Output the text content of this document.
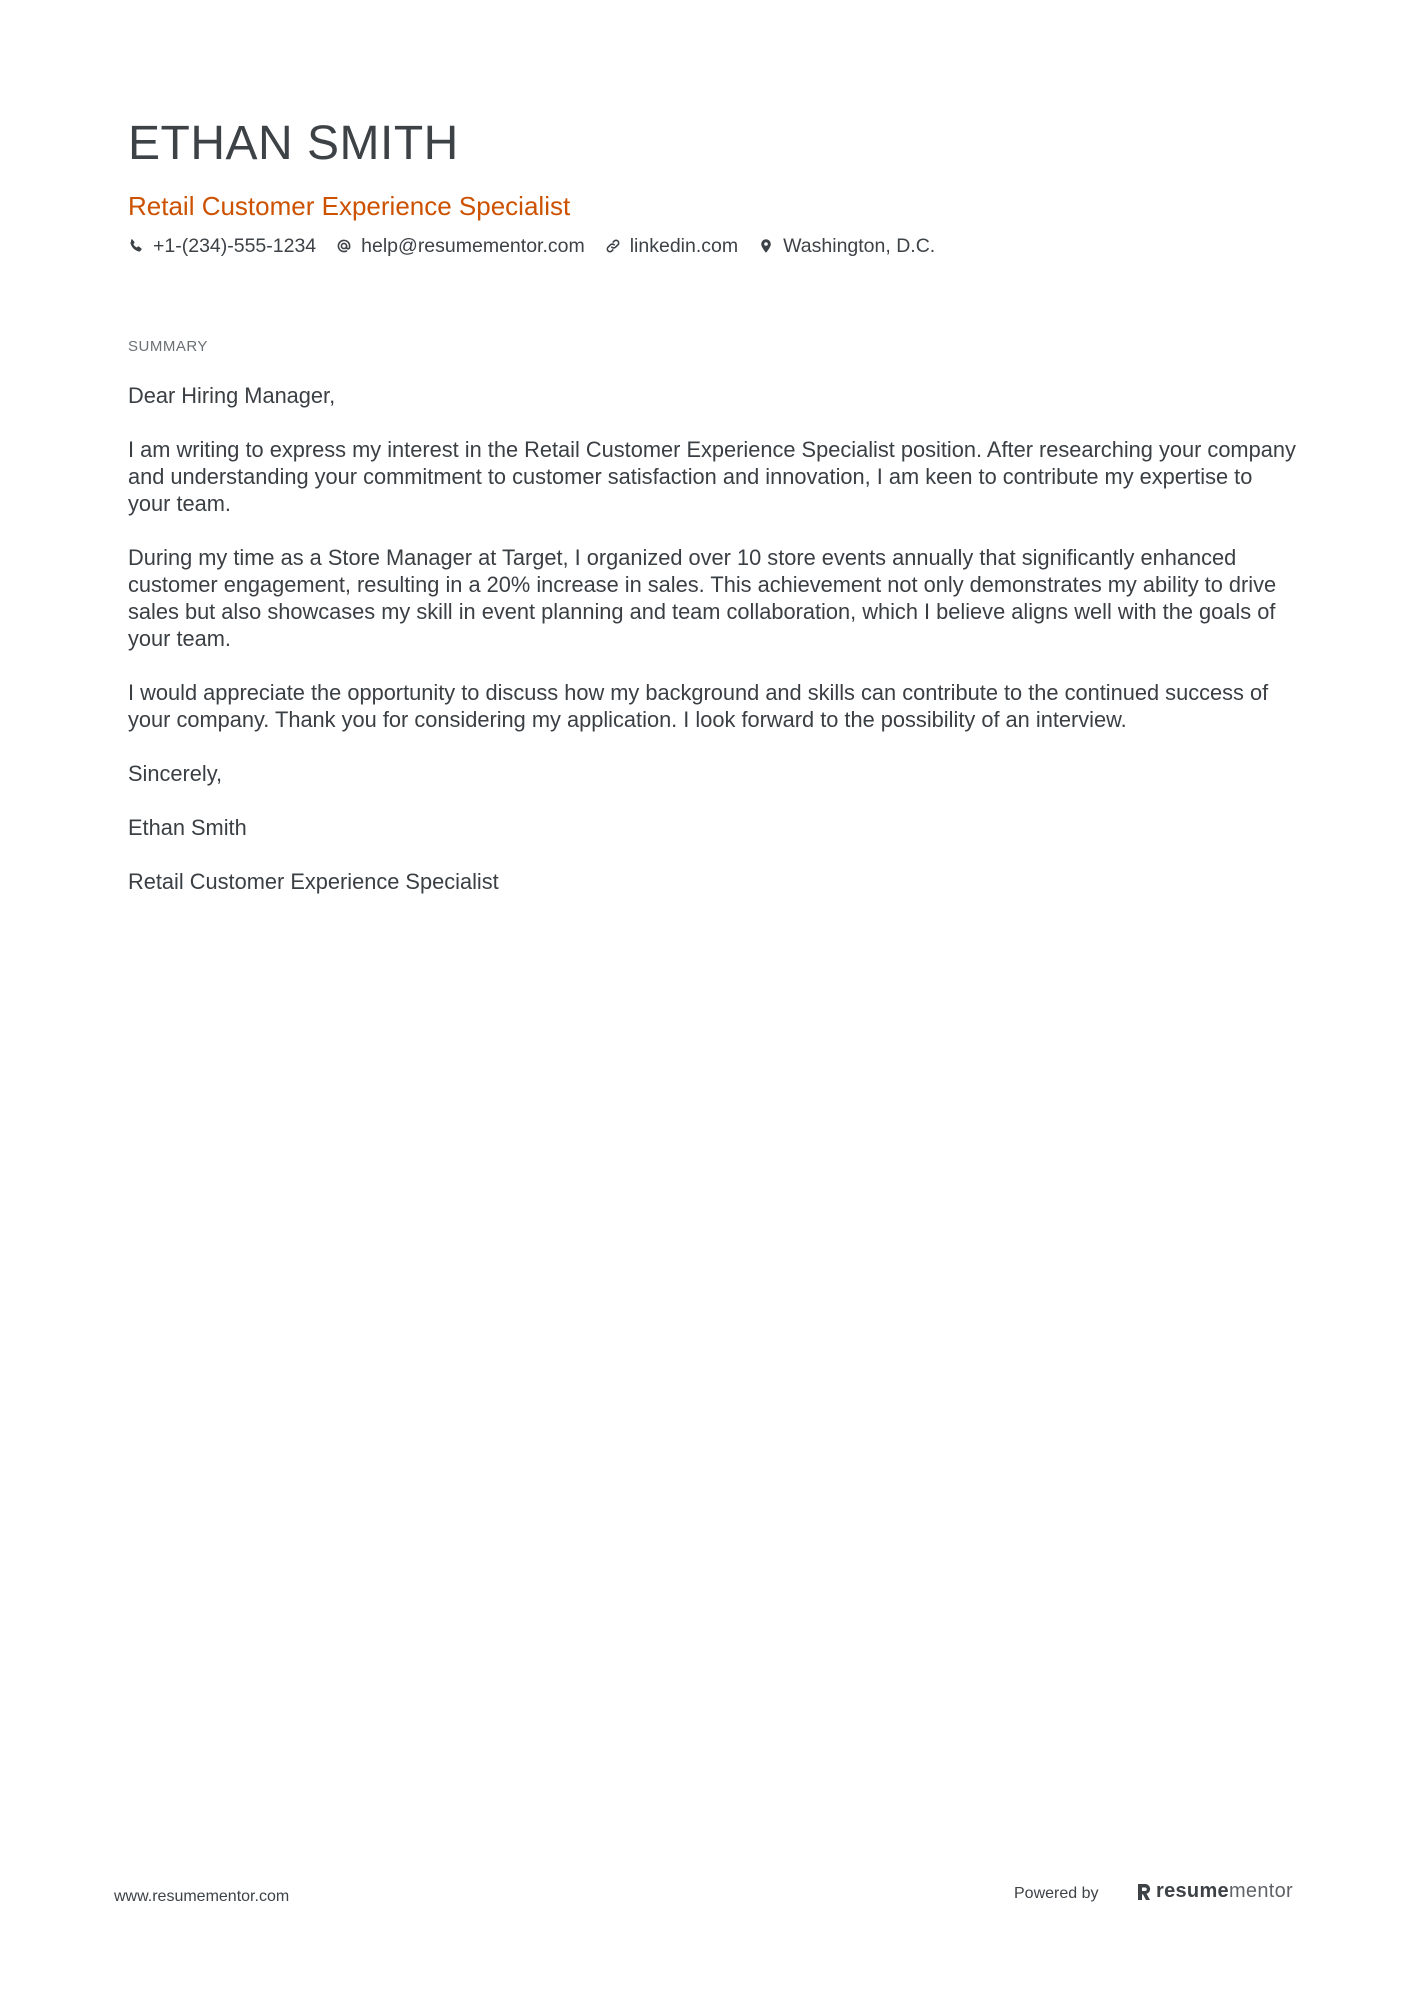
ETHAN SMITH
Retail Customer Experience Specialist
+1-(234)-555-1234 help@resumementor.com linkedin.com Washington, D.C.
SUMMARY

Dear Hiring Manager,

I am writing to express my interest in the Retail Customer Experience Specialist position. After researching your company and understanding your commitment to customer satisfaction and innovation, I am keen to contribute my expertise to your team.

During my time as a Store Manager at Target, I organized over 10 store events annually that significantly enhanced customer engagement, resulting in a 20% increase in sales. This achievement not only demonstrates my ability to drive sales but also showcases my skill in event planning and team collaboration, which I believe aligns well with the goals of your team.

I would appreciate the opportunity to discuss how my background and skills can contribute to the continued success of your company. Thank you for considering my application. I look forward to the possibility of an interview.

Sincerely,

Ethan Smith

Retail Customer Experience Specialist

www.resumementor.com	Powered by	resume mentor
